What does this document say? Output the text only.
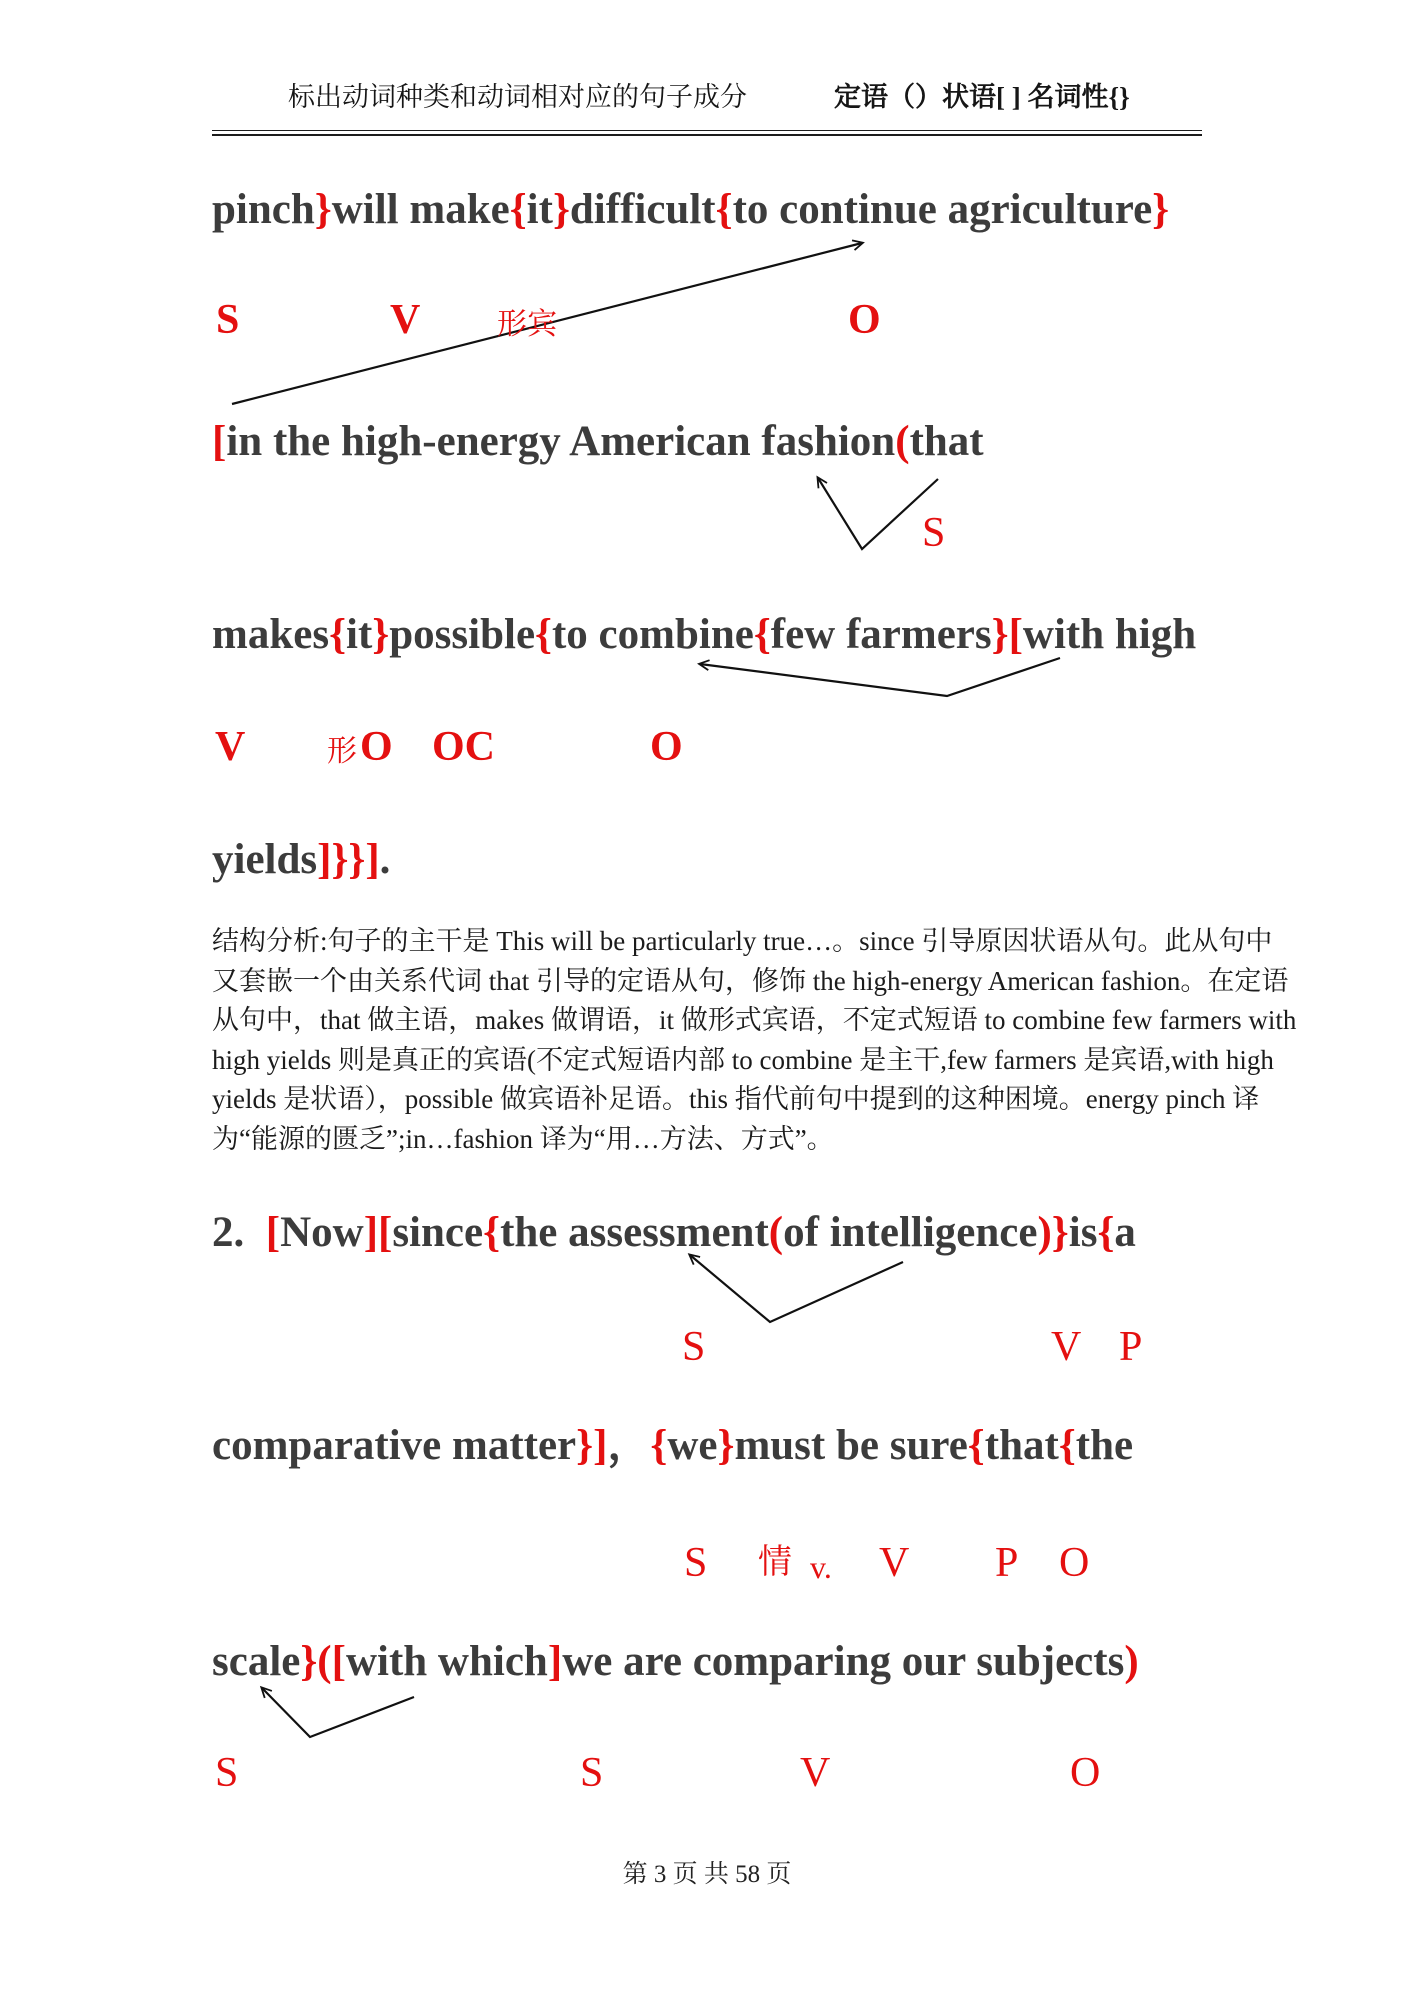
标出动词种类和动词相对应的句子成分	定语（）状语[ ] 名词性{}
pinch}will make{it}difficult{to continue agriculture}
[in the high-energy American fashion(that
makes{it}possible{to combine{few farmers}[with high
yields]}}].
2.  [Now][since{the assessment(of intelligence)}is{a
comparative matter}]，{we}must be sure{that{the
scale}([with which]we are comparing our subjects)
S	V	形宾	O
S
V	形 O OC	O
S	V P
S 情 v. V P O
S	S	V	O
结构分析:句子的主干是 This will be particularly true…。since 引导原因状语从句。此从句中
又套嵌一个由关系代词 that 引导的定语从句，修饰 the high-energy American fashion。在定语
从句中，that 做主语，makes 做谓语，it 做形式宾语，不定式短语 to combine few farmers with
high yields 则是真正的宾语(不定式短语内部 to combine 是主干,few farmers 是宾语,with high
yields 是状语），possible 做宾语补足语。this 指代前句中提到的这种困境。energy pinch 译
为“能源的匮乏”;in…fashion 译为“用…方法、方式”。
第 3 页 共 58 页
